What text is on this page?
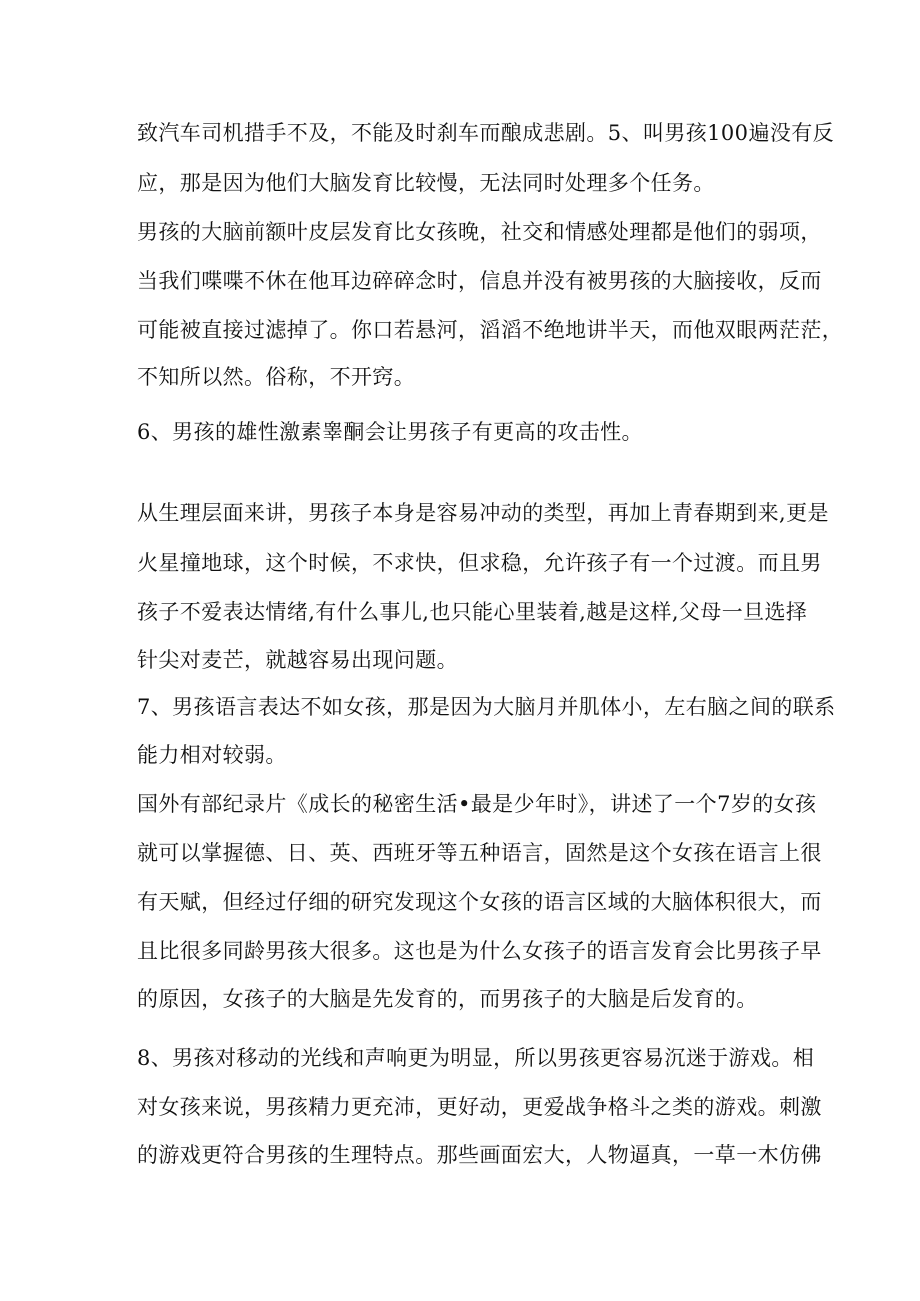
致汽车司机措手不及，不能及时刹车而酿成悲剧。5、叫男孩100遍没有反
应，那是因为他们大脑发育比较慢，无法同时处理多个任务。
男孩的大脑前额叶皮层发育比女孩晚，社交和情感处理都是他们的弱项，
当我们喋喋不休在他耳边碎碎念时，信息并没有被男孩的大脑接收，反而
可能被直接过滤掉了。你口若悬河，滔滔不绝地讲半天，而他双眼两茫茫，
不知所以然。俗称，不开窍。
6、男孩的雄性激素睾酮会让男孩子有更高的攻击性。
从生理层面来讲，男孩子本身是容易冲动的类型，再加上青春期到来,更是
火星撞地球，这个时候，不求快，但求稳，允许孩子有一个过渡。而且男
孩子不爱表达情绪,有什么事儿,也只能心里装着,越是这样,父母一旦选择
针尖对麦芒，就越容易出现问题。
7、男孩语言表达不如女孩，那是因为大脑月并肌体小，左右脑之间的联系
能力相对较弱。
国外有部纪录片《成长的秘密生活•最是少年时》，讲述了一个7岁的女孩
就可以掌握德、日、英、西班牙等五种语言，固然是这个女孩在语言上很
有天赋，但经过仔细的研究发现这个女孩的语言区域的大脑体积很大，而
且比很多同龄男孩大很多。这也是为什么女孩子的语言发育会比男孩子早
的原因，女孩子的大脑是先发育的，而男孩子的大脑是后发育的。
8、男孩对移动的光线和声响更为明显，所以男孩更容易沉迷于游戏。相
对女孩来说，男孩精力更充沛，更好动，更爱战争格斗之类的游戏。刺激
的游戏更符合男孩的生理特点。那些画面宏大，人物逼真，一草一木仿佛
